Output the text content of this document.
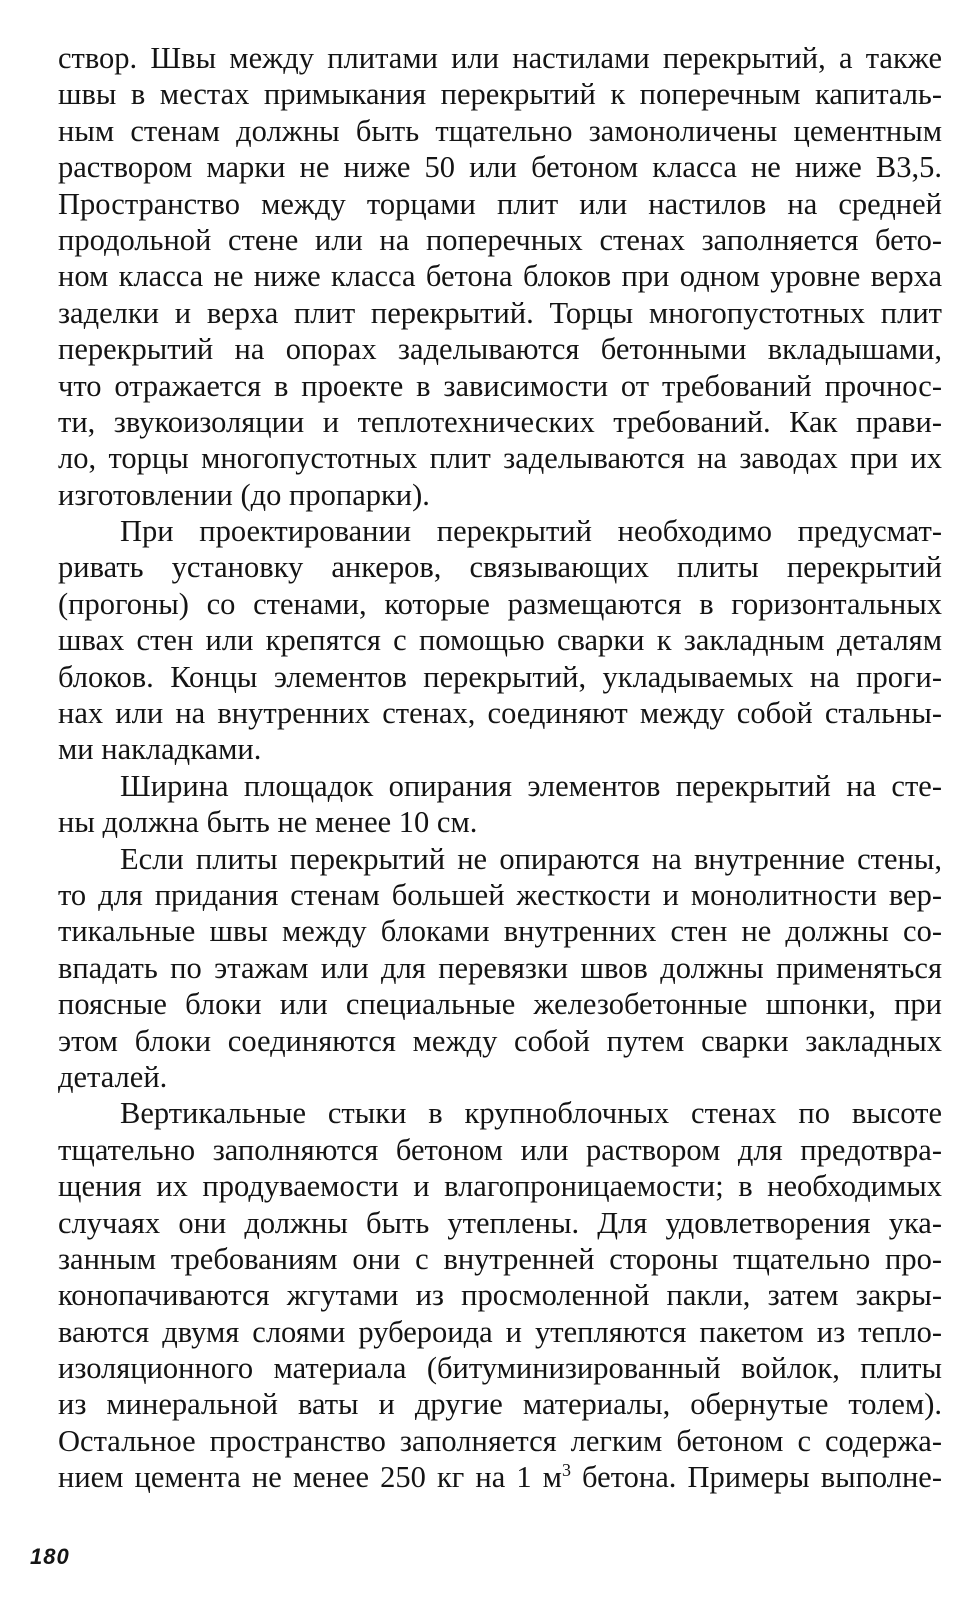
створ. Швы между плитами или настилами перекрытий, а также
швы в местах примыкания перекрытий к поперечным капиталь-
ным стенам должны быть тщательно замоноличены цементным
раствором марки не ниже 50 или бетоном класса не ниже В3,5.
Пространство между торцами плит или настилов на средней
продольной стене или на поперечных стенах заполняется бето-
ном класса не ниже класса бетона блоков при одном уровне верха
заделки и верха плит перекрытий. Торцы многопустотных плит
перекрытий на опорах заделываются бетонными вкладышами,
что отражается в проекте в зависимости от требований прочнос-
ти, звукоизоляции и теплотехнических требований. Как прави-
ло, торцы многопустотных плит заделываются на заводах при их
изготовлении (до пропарки).
При проектировании перекрытий необходимо предусмат-
ривать установку анкеров, связывающих плиты перекрытий
(прогоны) со стенами, которые размещаются в горизонтальных
швах стен или крепятся с помощью сварки к закладным деталям
блоков. Концы элементов перекрытий, укладываемых на проги-
нах или на внутренних стенах, соединяют между собой стальны-
ми накладками.
Ширина площадок опирания элементов перекрытий на сте-
ны должна быть не менее 10 см.
Если плиты перекрытий не опираются на внутренние стены,
то для придания стенам большей жесткости и монолитности вер-
тикальные швы между блоками внутренних стен не должны со-
впадать по этажам или для перевязки швов должны применяться
поясные блоки или специальные железобетонные шпонки, при
этом блоки соединяются между собой путем сварки закладных
деталей.
Вертикальные стыки в крупноблочных стенах по высоте
тщательно заполняются бетоном или раствором для предотвра-
щения их продуваемости и влагопроницаемости; в необходимых
случаях они должны быть утеплены. Для удовлетворения ука-
занным требованиям они с внутренней стороны тщательно про-
конопачиваются жгутами из просмоленной пакли, затем закры-
ваются двумя слоями рубероида и утепляются пакетом из тепло-
изоляционного материала (битуминизированный войлок, плиты
из минеральной ваты и другие материалы, обернутые толем).
Остальное пространство заполняется легким бетоном с содержа-
нием цемента не менее 250 кг на 1 $м^3$ бетона. Примеры выполне-
180
